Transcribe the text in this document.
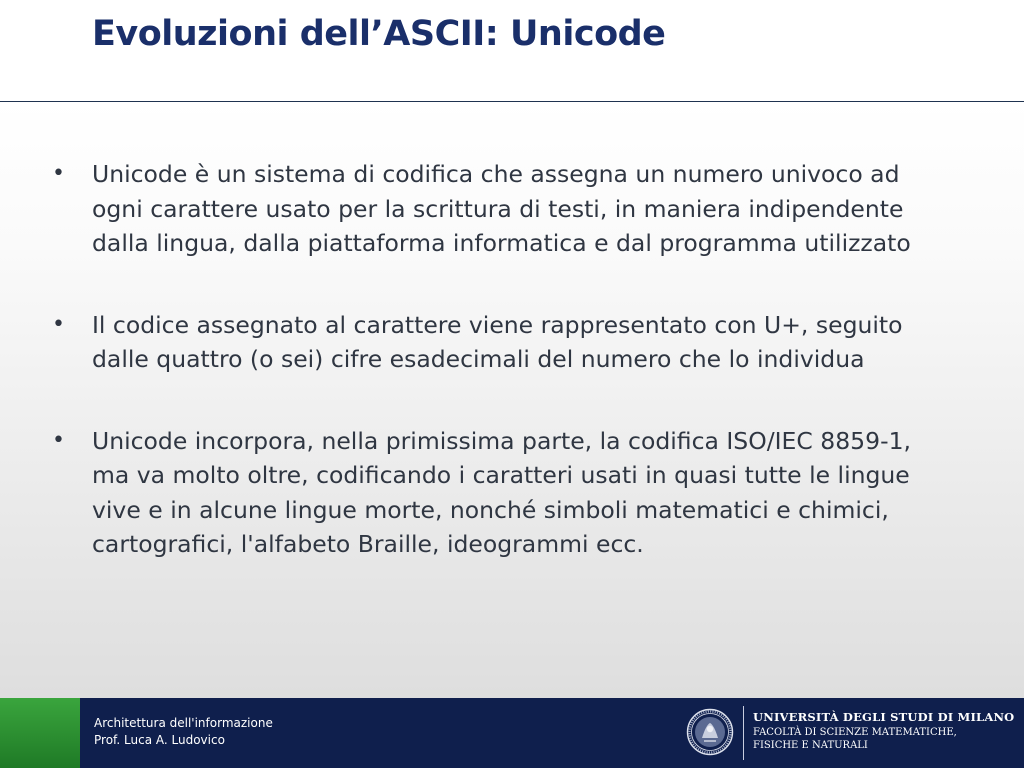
Evoluzioni dell’ASCII: Unicode
• Unicode è un sistema di codifica che assegna un numero univoco ad ogni carattere usato per la scrittura di testi, in maniera indipendente dalla lingua, dalla piattaforma informatica e dal programma utilizzato
• Il codice assegnato al carattere viene rappresentato con U+, seguito dalle quattro (o sei) cifre esadecimali del numero che lo individua
• Unicode incorpora, nella primissima parte, la codifica ISO/IEC 8859-1, ma va molto oltre, codificando i caratteri usati in quasi tutte le lingue vive e in alcune lingue morte, nonché simboli matematici e chimici, cartografici, l'alfabeto Braille, ideogrammi ecc.
Architettura dell'informazione
Prof. Luca A. Ludovico
UNIVERSITÀ DEGLI STUDI DI MILANO
FACOLTÀ DI SCIENZE MATEMATICHE,
FISICHE E NATURALI
